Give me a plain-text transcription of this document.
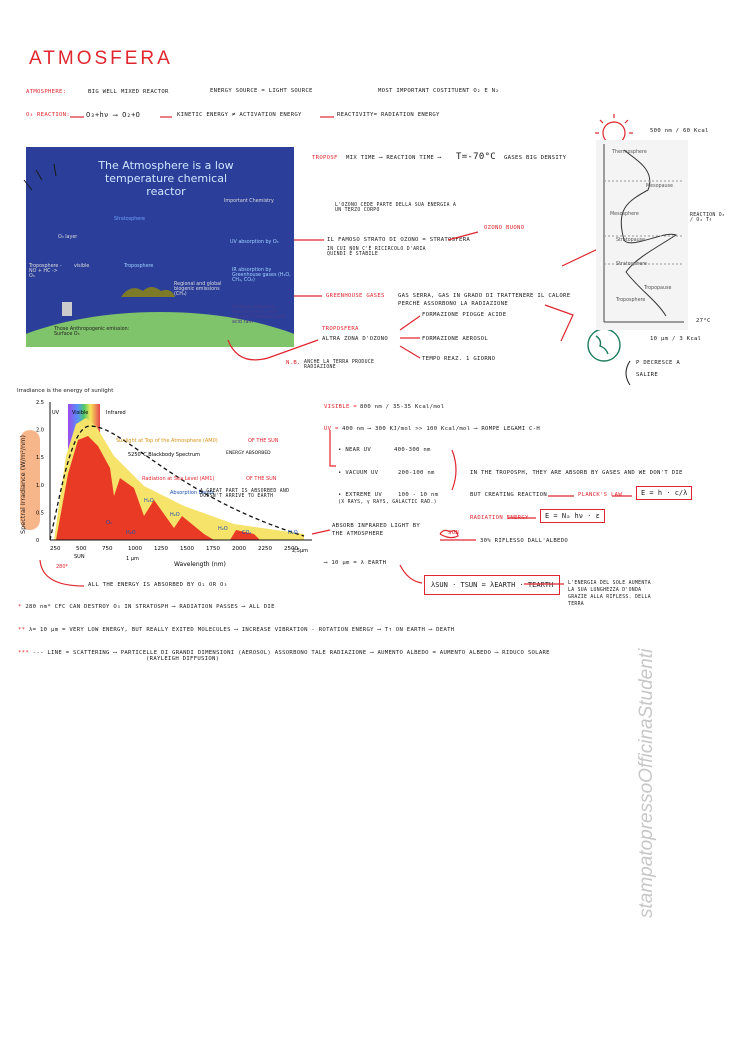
ATMOSFERA
ATMOSPHERE:	BIG WELL MIXED REACTOR	ENERGY SOURCE = LIGHT SOURCE	MOST IMPORTANT COSTITUENT O₂ E N₂
O₃ REACTION: O₃+hν ⟶ O₂+O	KINETIC ENERGY ≠ ACTIVATION ENERGY	REACTIVITY= RADIATION ENERGY
The Atmosphere is a low temperature chemical reactor
Stratosphere
O₃ layer
visible	Troposphere
Troposphere -NO + HC -> O₃
Important Chemistry
UV absorption by O₃
IR absorption by Greenhouse gases (H₂O, CH₄, CO₂)
Regional and global biogenic emissions (CH₄)
Surface emissions resulting in O₃ and aerosol formation and acid rain
Those Anthropogenic emission: Surface O₃
TROPOSF MIX TIME ⟶ REACTION TIME ⟶ T=-70°C GASES BIG DENSITY
L'OZONO CEDE PARTE DELLA SUA ENERGIA A UN TERZO CORPO
IL FAMOSO STRATO DI OZONO = STRATOSFERA
IN CUI NON C'È RICIRCOLO D'ARIA QUINDI È STABILE
OZONO BUONO
GREENHOUSE GASES GAS SERRA, GAS IN GRADO DI TRATTENERE IL CALORE PERCHÈ ASSORBONO LA RADIAZIONE
TROPOSFERA
ALTRA ZONA D'OZONO
FORMAZIONE PIOGGE ACIDE
FORMAZIONE AEROSOL
TEMPO REAZ. 1 GIORNO
N.B. ANCHE LA TERRA PRODUCE RADIAZIONE
Thermosphere
Mesopause
Mesosphere
Stratopause
Stratosphere
Tropopause
Troposphere
500 nm / 60 Kcal
10 μm / 3 Kcal
REACTION O₂ / O₃ T↑
27°C
P DECRESCE A SALIRE
Irradiance is the energy of sunlight
2.5
2.0
1.5
1.0
0.5
0
250	500	750	1000 1250 1500 1750 2000 2250 2500
UV	Visible	Infrared
Sunlight at Top of the Atmosphere (AM0)	OF THE SUN
5250°C Blackbody Spectrum	ENERGY ABSORBED
Radiation at Sea Level (AM1)	OF THE SUN
Absorption Bands
H₂O
H₂O
O₂
H₂O
H₂O
CO₂	H₂O
Wavelength (nm)
Spectral Irradiance (W/m²/nm)
SUN	1 μm
2,5μm
280*
A GREAT PART IS ABSORBED AND DOESN'T ARRIVE TO EARTH
VISIBLE = 800 nm / 35-35 Kcal/mol
UV = 400 nm ⟶ 300 KJ/mol >> 100 Kcal/mol ⟶ ROMPE LEGAMI C-H
• NEAR UV	400-300 nm
• VACUUM UV	200-100 nm
• EXTREME UV	100 - 10 nm
(X RAYS, γ RAYS, GALACTIC RAD.)
IN THE TROPOSPH, THEY ARE ABSORB BY GASES AND WE DON'T DIE
BUT CREATING REACTION	PLANCK'S LAW	E = h · c/λ
RADIATION ENERGY	E = Nₐ hν · ε
ABSORB INFRARED LIGHT BY THE ATMOSPHERE	SUN
30% RIFLESSO DALL'ALBEDO
⟶ 10 μm = λ EARTH
λSUN · TSUN = λEARTH · TEARTH	L'ENERGIA DEL SOLE AUMENTA LA SUA LUNGHEZZA D'ONDA GRAZIE ALLA RIFLESS. DELLA TERRA
ALL THE ENERGY IS ABSORBED BY O₂ OR O₃
* 280 nm* CFC CAN DESTROY O₃ IN STRATOSPH ⟶ RADIATION PASSES ⟶ ALL DIE
** λ= 10 μm = VERY LOW ENERGY, BUT REALLY EXITED MOLECULES ⟶ INCREASE VIBRATION - ROTATION ENERGY ⟶ T↑ ON EARTH ⟶ DEATH
*** --- LINE = SCATTERING ⟶ PARTICELLE DI GRANDI DIMENSIONI (AEROSOL) ASSORBONO TALE RADIAZIONE ⟶ AUMENTO ALBEDO = AUMENTO ALBEDO ⟶ RIDUCO SOLARE
(RAYLEIGH DIFFUSION)	stampatopressoOfficinaStudenti
